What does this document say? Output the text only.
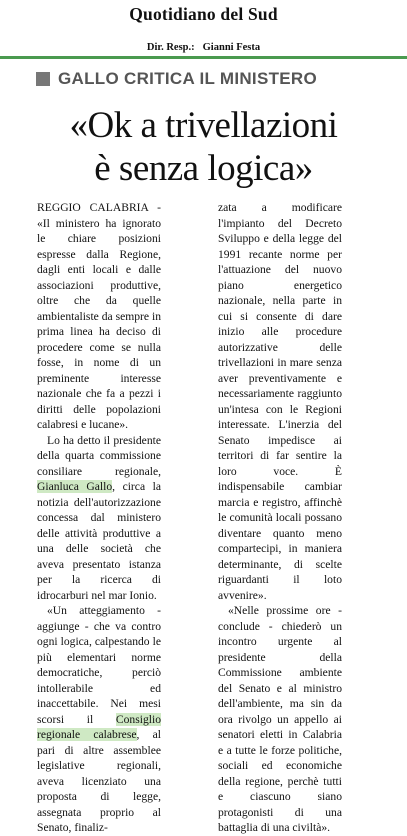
Quotidiano del Sud
Dir. Resp.: Gianni Festa
GALLO CRITICA IL MINISTERO
«Ok a trivellazioni
è senza logica»

REGGIO CALABRIA - «Il ministero ha ignorato le chiare posizioni espresse dalla Regione, dagli enti locali e dalle associazioni produttive, oltre che da quelle ambientaliste da sempre in prima linea ha deciso di procedere come se nulla fosse, in nome di un preminente interesse nazionale che fa a pezzi i diritti delle popolazioni calabresi e lucane».

Lo ha detto il presidente della quarta commissione consiliare regionale, Gianluca Gallo, circa la notizia dell'autorizzazione concessa dal ministero delle attività produttive a una delle società che aveva presentato istanza per la ricerca di idrocarburi nel mar Ionio.

«Un atteggiamento - aggiunge - che va contro ogni logica, calpestando le più elementari norme democratiche, perciò intollerabile ed inaccettabile. Nei mesi scorsi il Consiglio regionale calabrese, al pari di altre assemblee legislative regionali, aveva licenziato una proposta di legge, assegnata proprio al Senato, finaliz-

zata a modificare l'impianto del Decreto Sviluppo e della legge del 1991 recante norme per l'attuazione del nuovo piano energetico nazionale, nella parte in cui si consente di dare inizio alle procedure autorizzative delle trivellazioni in mare senza aver preventivamente e necessariamente raggiunto un'intesa con le Regioni interessate. L'inerzia del Senato impedisce ai territori di far sentire la loro voce. È indispensabile cambiar marcia e registro, affinchè le comunità locali possano diventare quanto meno compartecipi, in maniera determinante, di scelte riguardanti il loto avvenire».

«Nelle prossime ore - conclude - chiederò un incontro urgente al presidente della Commissione ambiente del Senato e al ministro dell'ambiente, ma sin da ora rivolgo un appello ai senatori eletti in Calabria e a tutte le forze politiche, sociali ed economiche della regione, perchè tutti e ciascuno siano protagonisti di una battaglia di una civiltà».
